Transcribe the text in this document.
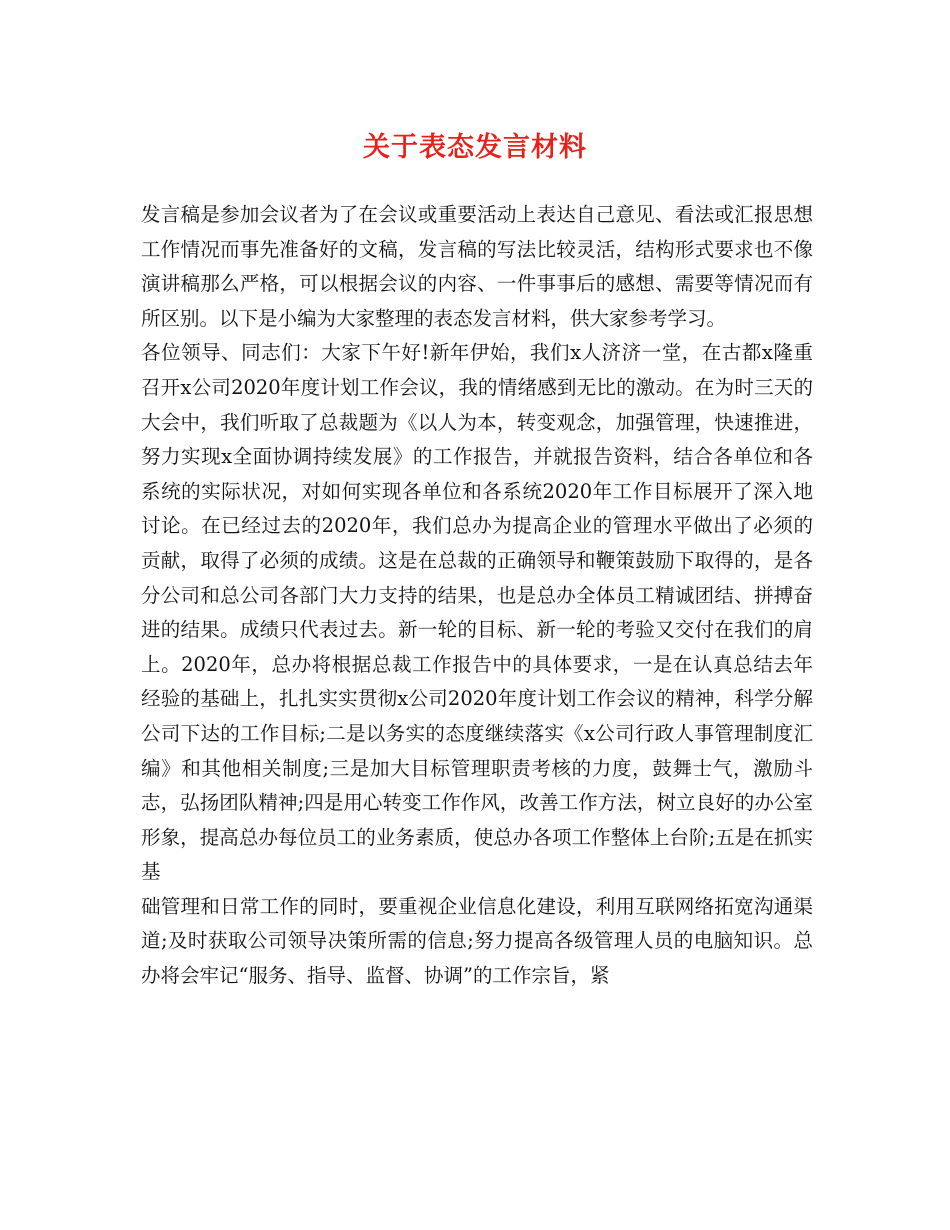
关于表态发言材料

发言稿是参加会议者为了在会议或重要活动上表达自己意见、看法或汇报思想工作情况而事先准备好的文稿，发言稿的写法比较灵活，结构形式要求也不像演讲稿那么严格，可以根据会议的内容、一件事事后的感想、需要等情况而有所区别。以下是小编为大家整理的表态发言材料，供大家参考学习。

各位领导、同志们：大家下午好!新年伊始，我们x人济济一堂，在古都x隆重召开x公司2020年度计划工作会议，我的情绪感到无比的激动。在为时三天的大会中，我们听取了总裁题为《以人为本，转变观念，加强管理，快速推进，努力实现x全面协调持续发展》的工作报告，并就报告资料，结合各单位和各系统的实际状况，对如何实现各单位和各系统2020年工作目标展开了深入地讨论。在已经过去的2020年，我们总办为提高企业的管理水平做出了必须的贡献，取得了必须的成绩。这是在总裁的正确领导和鞭策鼓励下取得的，是各分公司和总公司各部门大力支持的结果，也是总办全体员工精诚团结、拼搏奋进的结果。成绩只代表过去。新一轮的目标、新一轮的考验又交付在我们的肩上。2020年，总办将根据总裁工作报告中的具体要求，一是在认真总结去年经验的基础上，扎扎实实贯彻x公司2020年度计划工作会议的精神，科学分解公司下达的工作目标;二是以务实的态度继续落实《x公司行政人事管理制度汇编》和其他相关制度;三是加大目标管理职责考核的力度，鼓舞士气，激励斗志，弘扬团队精神;四是用心转变工作作风，改善工作方法，树立良好的办公室形象，提高总办每位员工的业务素质，使总办各项工作整体上台阶;五是在抓实基

础管理和日常工作的同时，要重视企业信息化建设，利用互联网络拓宽沟通渠道;及时获取公司领导决策所需的信息;努力提高各级管理人员的电脑知识。总办将会牢记“服务、指导、监督、协调”的工作宗旨，紧
